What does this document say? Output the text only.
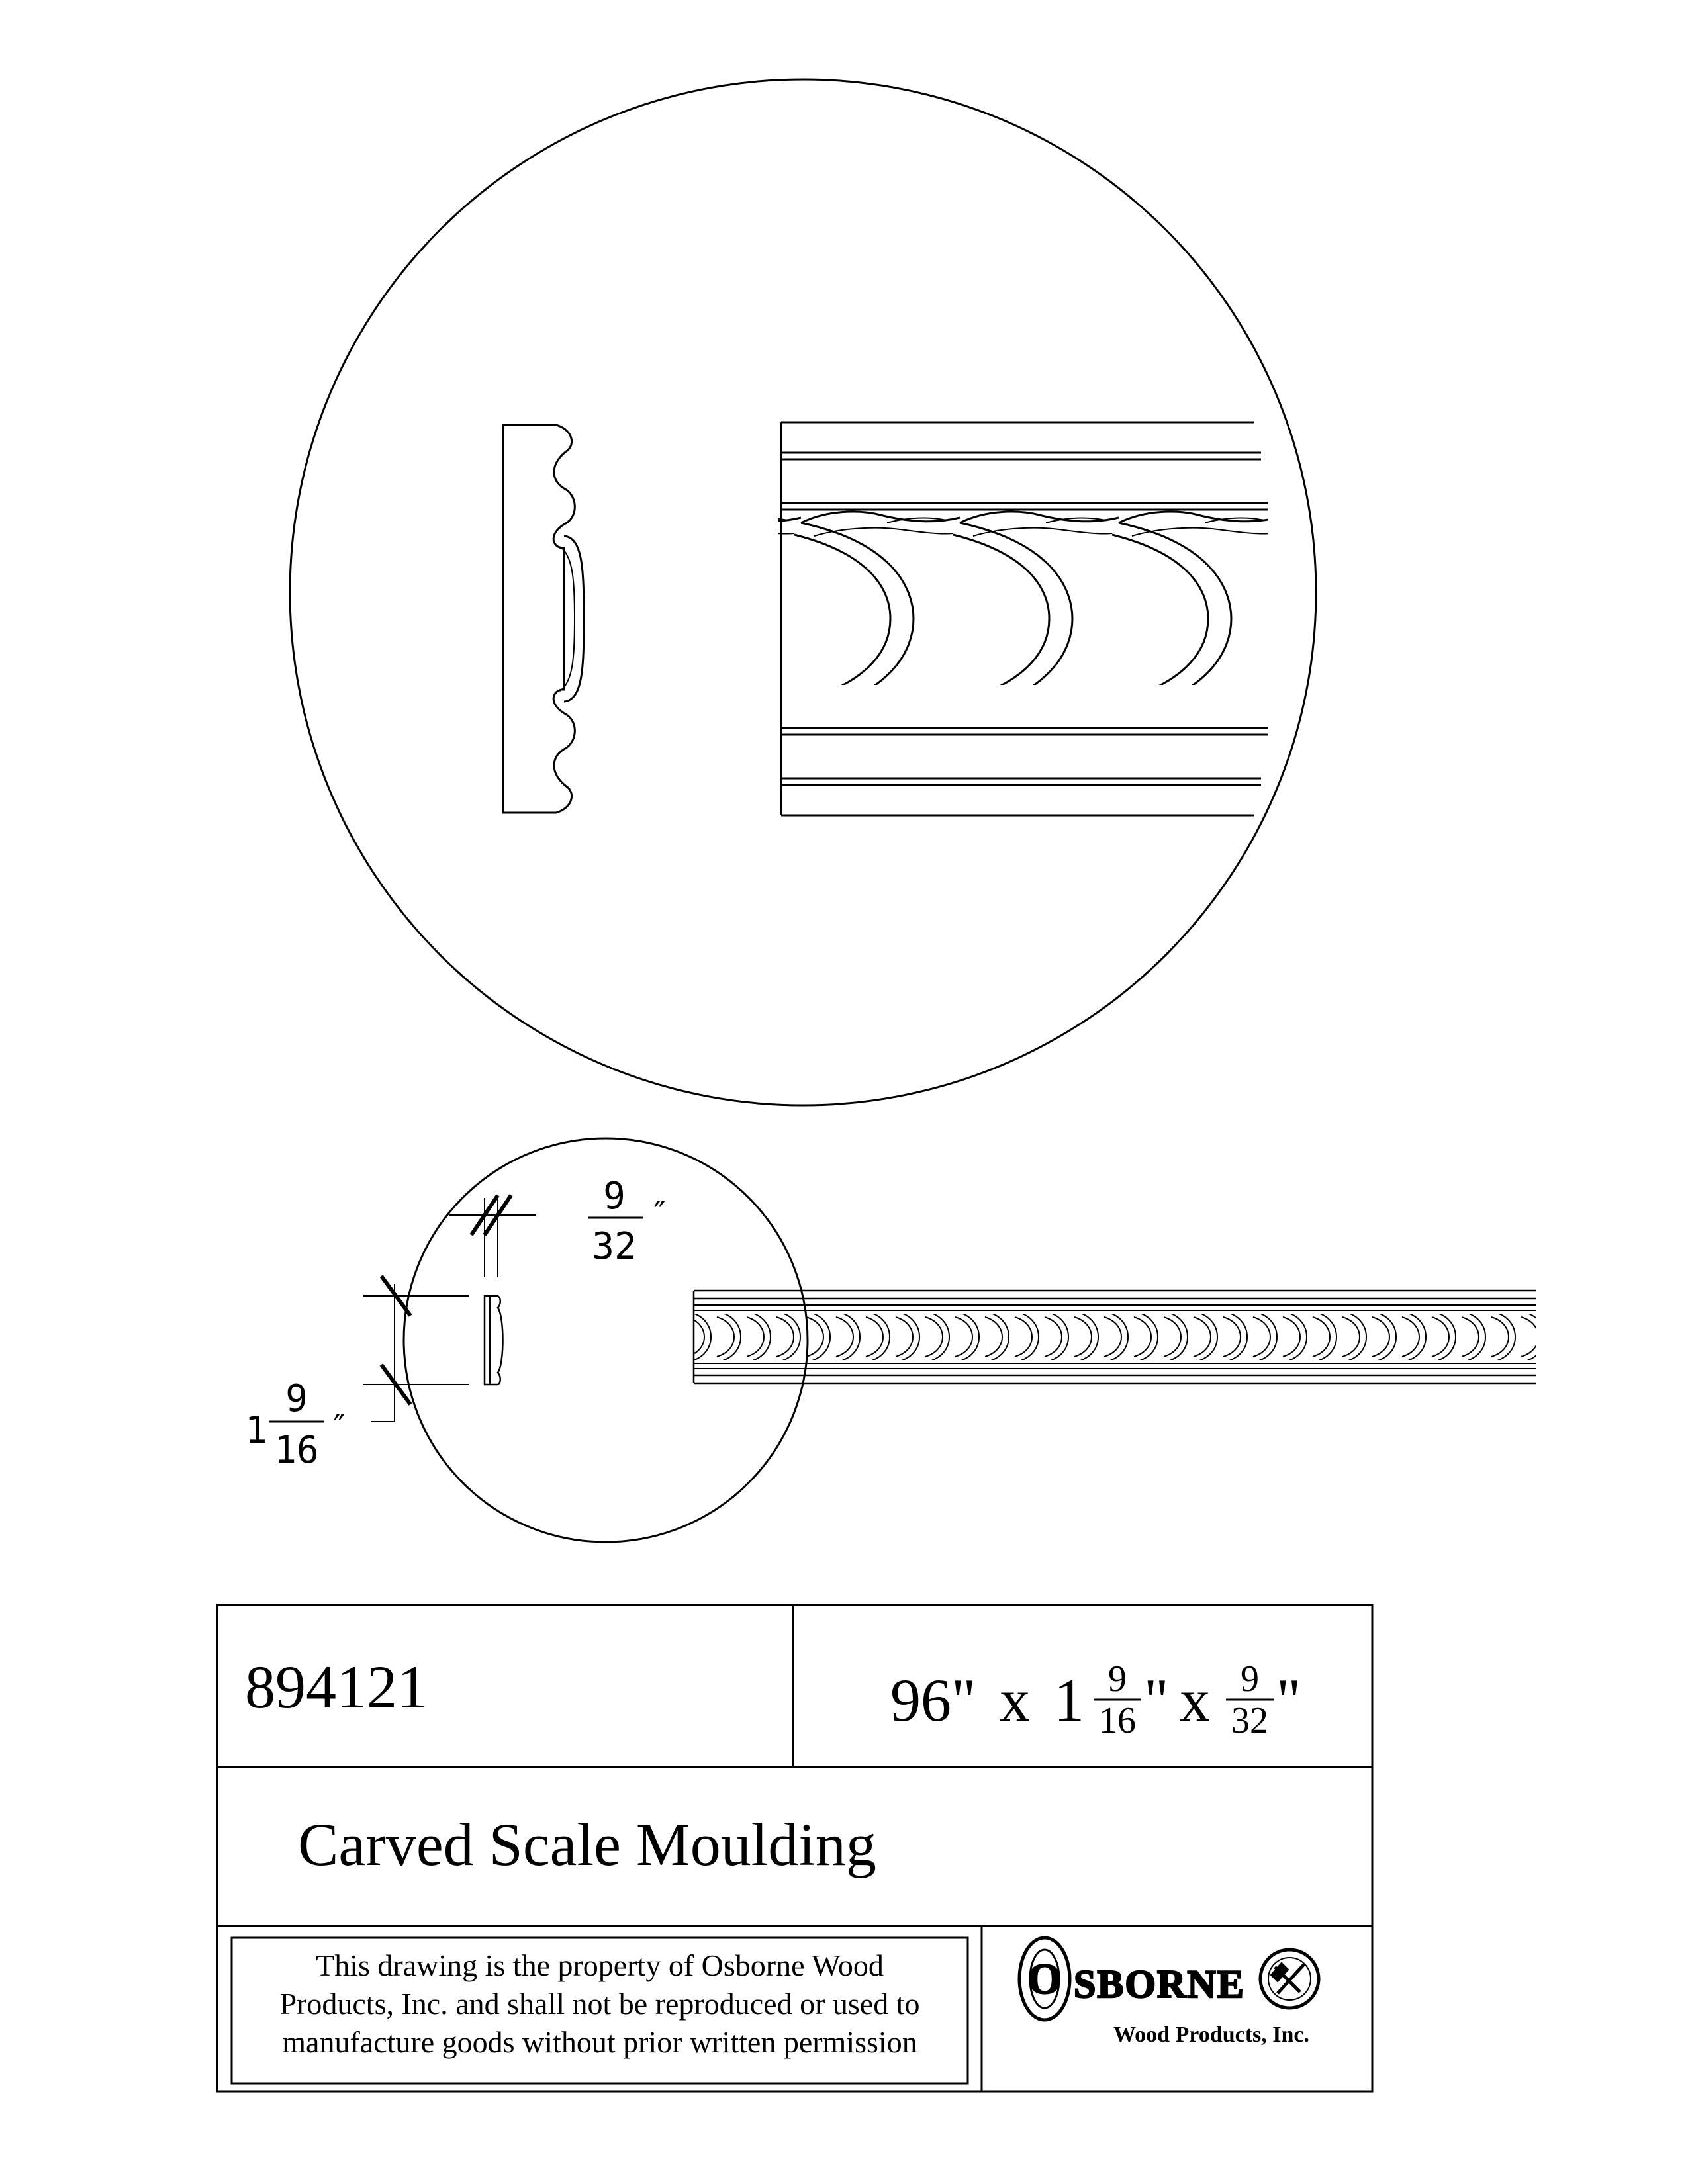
9
32
″
1
9
16
″
894121	96" x 1 9
16 " x 9
32 "
Carved Scale Moulding
This drawing is the property of Osborne Wood
Products, Inc. and shall not be reproduced or used to
manufacture goods without prior written permission
O SBORNE
Wood Products, Inc.
